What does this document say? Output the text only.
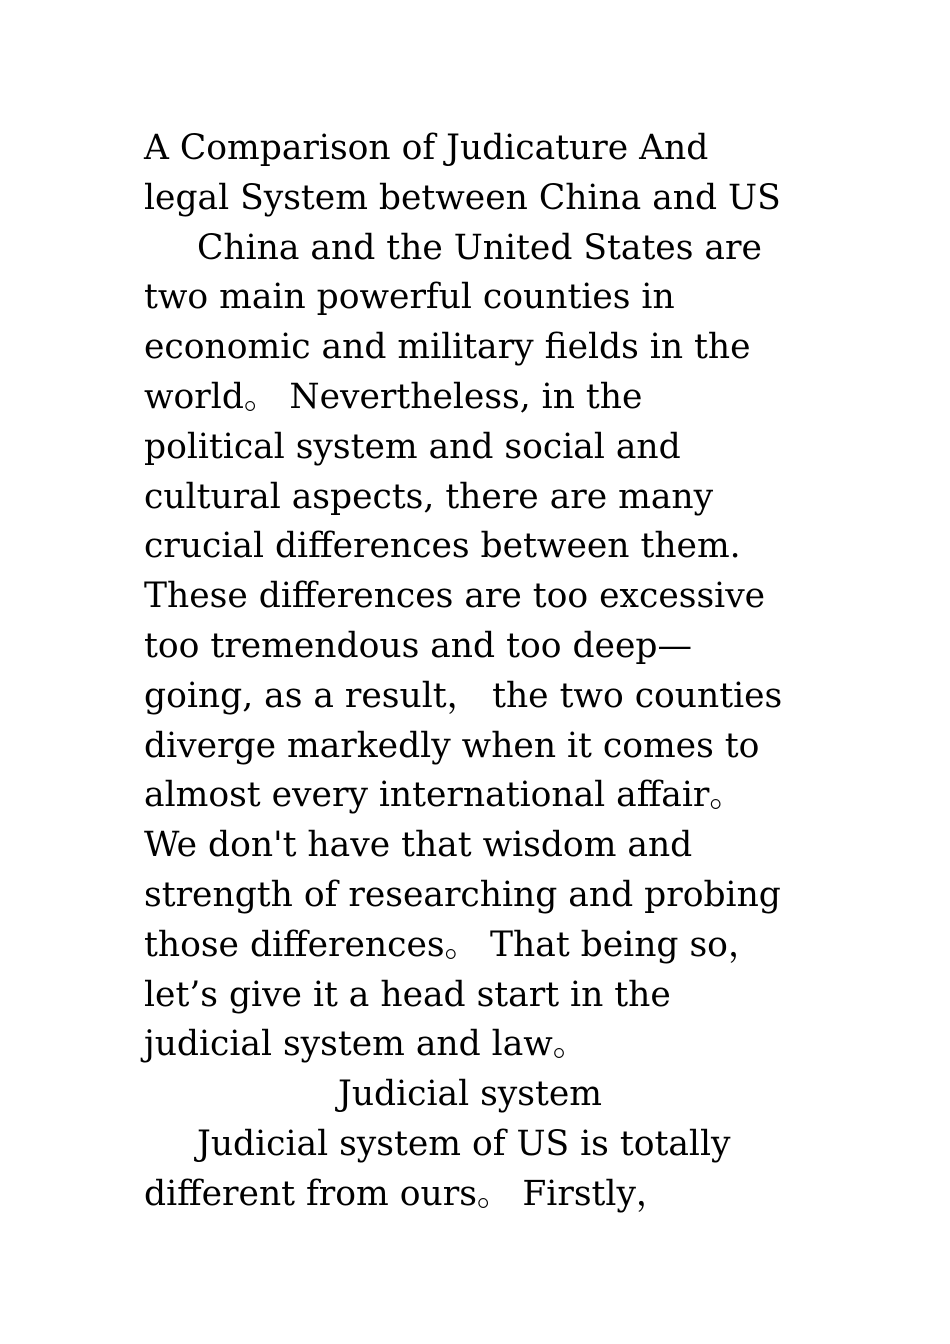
A Comparison of Judicature And
legal System between China and US
China and the United States are
two main powerful counties in
economic and military fields in the
world。 Nevertheless, in the
political system and social and
cultural aspects, there are many
crucial differences between them.
These differences are too excessive
too tremendous and too deep—
going, as a result， the two counties
diverge markedly when it comes to
almost every international affair。
We don't have that wisdom and
strength of researching and probing
those differences。 That being so，
let’s give it a head start in the
judicial system and law。
Judicial system
Judicial system of US is totally
different from ours。 Firstly，
